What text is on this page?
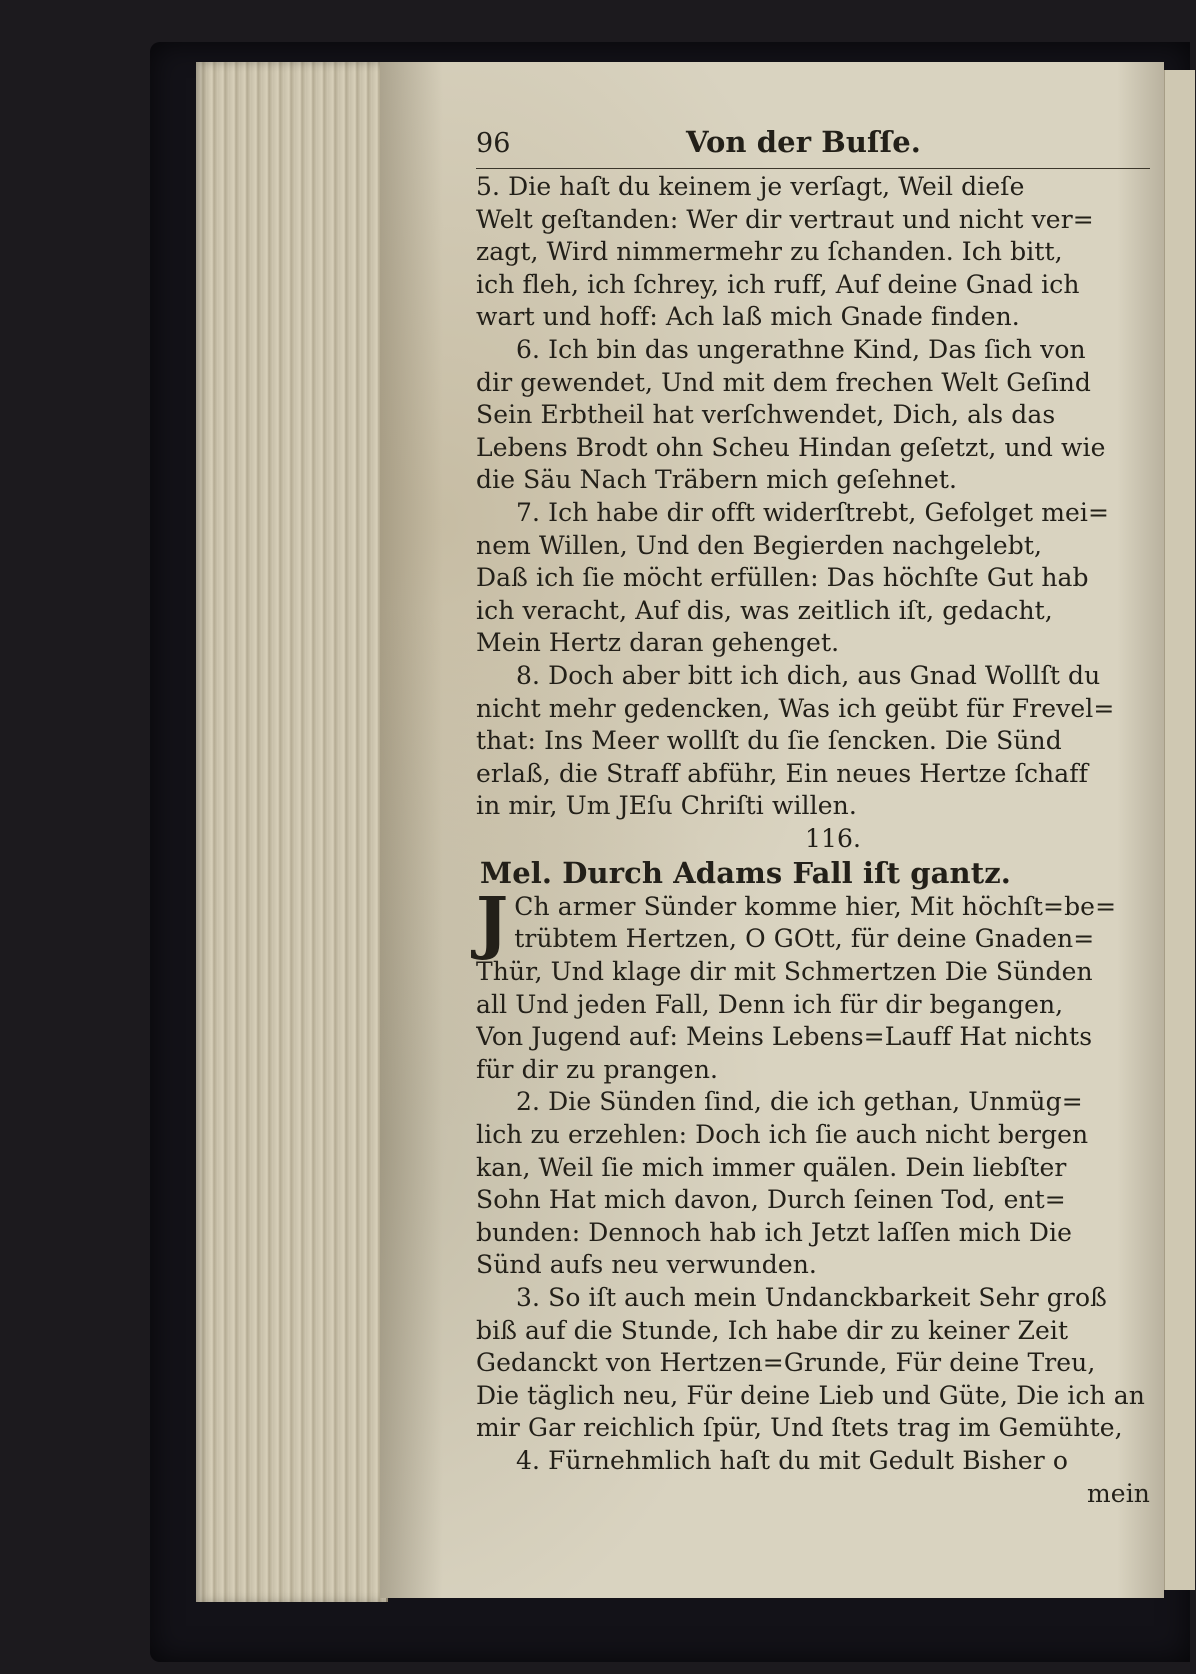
96	Von der Buſſe.
5. Die haſt du keinem je verſagt, Weil dieſe
Welt geſtanden: Wer dir vertraut und nicht ver=
zagt, Wird nimmermehr zu ſchanden. Ich bitt,
ich fleh, ich ſchrey, ich ruff, Auf deine Gnad ich
wart und hoff: Ach laß mich Gnade finden.
6. Ich bin das ungerathne Kind, Das ſich von
dir gewendet, Und mit dem frechen Welt Geſind
Sein Erbtheil hat verſchwendet, Dich, als das
Lebens Brodt ohn Scheu Hindan geſetzt, und wie
die Säu Nach Träbern mich geſehnet.
7. Ich habe dir offt widerſtrebt, Gefolget mei=
nem Willen, Und den Begierden nachgelebt,
Daß ich ſie möcht erfüllen: Das höchſte Gut hab
ich veracht, Auf dis, was zeitlich iſt, gedacht,
Mein Hertz daran gehenget.
8. Doch aber bitt ich dich, aus Gnad Wollſt du
nicht mehr gedencken, Was ich geübt für Frevel=
that: Ins Meer wollſt du ſie ſencken. Die Sünd
erlaß, die Straff abführ, Ein neues Hertze ſchaff
in mir, Um JEſu Chriſti willen.
116.
Mel. Durch Adams Fall iſt gantz.
J Ch armer Sünder komme hier, Mit höchſt=be=
trübtem Hertzen, O GOtt, für deine Gnaden=
Thür, Und klage dir mit Schmertzen Die Sünden
all Und jeden Fall, Denn ich für dir begangen,
Von Jugend auf: Meins Lebens=Lauff Hat nichts
für dir zu prangen.
2. Die Sünden ſind, die ich gethan, Unmüg=
lich zu erzehlen: Doch ich ſie auch nicht bergen
kan, Weil ſie mich immer quälen. Dein liebſter
Sohn Hat mich davon, Durch ſeinen Tod, ent=
bunden: Dennoch hab ich Jetzt laſſen mich Die
Sünd aufs neu verwunden.
3. So iſt auch mein Undanckbarkeit Sehr groß
biß auf die Stunde, Ich habe dir zu keiner Zeit
Gedanckt von Hertzen=Grunde, Für deine Treu,
Die täglich neu, Für deine Lieb und Güte, Die ich an
mir Gar reichlich ſpür, Und ſtets trag im Gemühte,
4. Fürnehmlich haſt du mit Gedult Bisher o
mein
